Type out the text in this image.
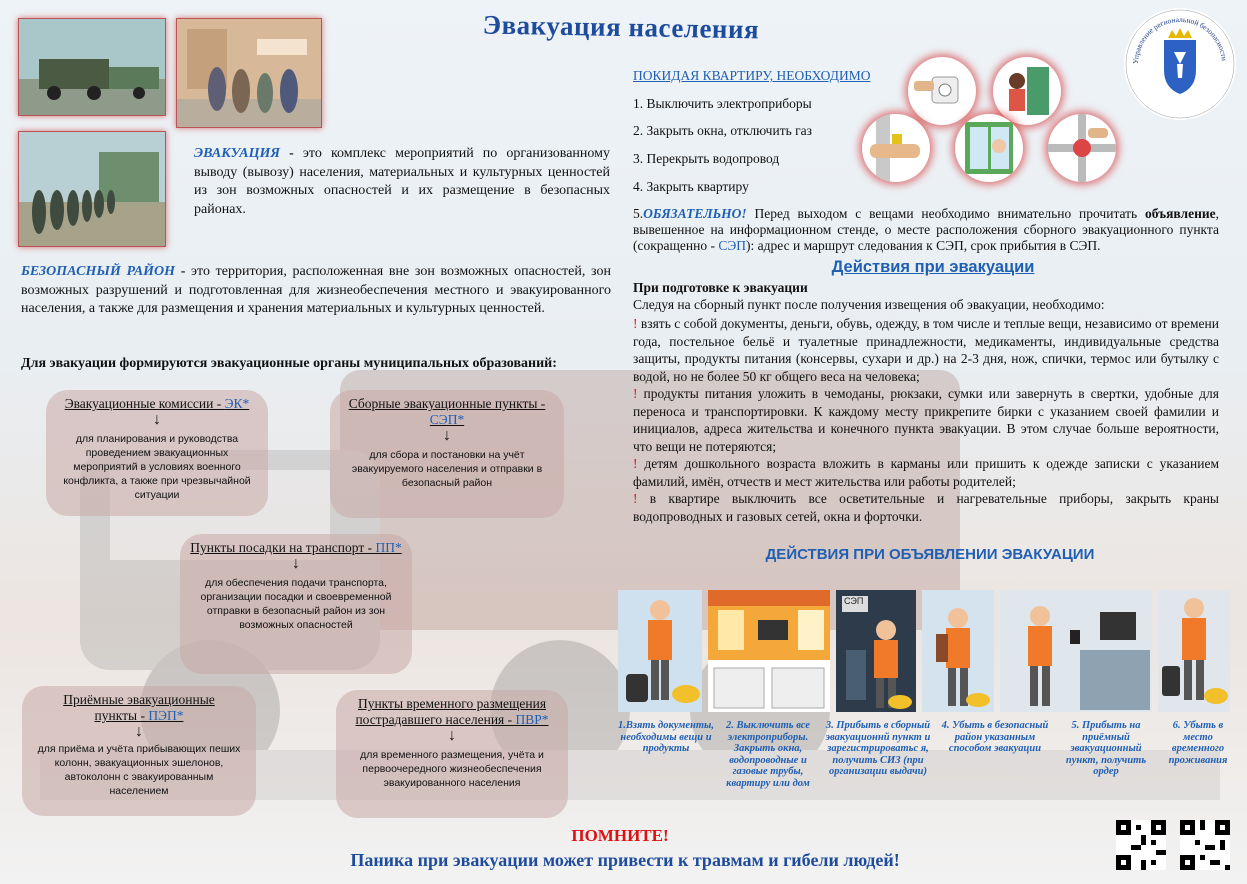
Эвакуация населения
Управление региональной безопасности
ЭВАКУАЦИЯ - это комплекс мероприятий по организованному выводу (вывозу) населения, материальных и культурных ценностей из зон возможных опасностей и их размещение в безопасных районах.
БЕЗОПАСНЫЙ РАЙОН - это территория, расположенная вне зон возможных опасностей, зон возможных разрушений и подготовленная для жизнеобеспечения местного и эвакуированного населения, а также для размещения и хранения материальных и культурных ценностей.
Для эвакуации формируются эвакуационные органы муниципальных образований:
Эвакуационные комиссии - ЭК*
↓
для планирования и руководства проведением эвакуационных мероприятий в условиях военного конфликта, а также при чрезвычайной ситуации
Сборные эвакуационные пункты - СЭП*
↓
для сбора и постановки на учёт эвакуируемого населения и отправки в безопасный район
Пункты посадки на транспорт - ПП*
↓
для обеспечения подачи транспорта, организации посадки и своевременной отправки в безопасный район из зон возможных опасностей
Приёмные эвакуационные пункты - ПЭП*
↓
для приёма и учёта прибывающих пеших колонн, эвакуационных эшелонов, автоколонн с эвакуированным населением
Пункты временного размещения пострадавшего населения - ПВР*
↓
для временного размещения, учёта и первоочередного жизнеобеспечения эвакуированного населения
ПОКИДАЯ КВАРТИРУ, НЕОБХОДИМО
1. Выключить электроприборы
2. Закрыть окна, отключить газ
3. Перекрыть водопровод
4. Закрыть квартиру
5.ОБЯЗАТЕЛЬНО! Перед выходом с вещами необходимо внимательно прочитать объявление, вывешенное на информационном стенде, о месте расположения сборного эвакуационного пункта (сокращенно - СЭП): адрес и маршрут следования к СЭП, срок прибытия в СЭП.
Действия при эвакуации
При подготовке к эвакуации
Следуя на сборный пункт после получения извещения об эвакуации, необходимо:
! взять с собой документы, деньги, обувь, одежду, в том числе и теплые вещи, независимо от времени года, постельное бельё и туалетные принадлежности, медикаменты, индивидуальные средства защиты, продукты питания (консервы, сухари и др.) на 2-3 дня, нож, спички, термос или бутылку с водой, но не более 50 кг общего веса на человека;
! продукты питания уложить в чемоданы, рюкзаки, сумки или завернуть в свертки, удобные для переноса и транспортировки. К каждому месту прикрепите бирки с указанием своей фамилии и инициалов, адреса жительства и конечного пункта эвакуации. В этом случае больше вероятности, что вещи не потеряются;
! детям дошкольного возраста вложить в карманы или пришить к одежде записки с указанием фамилий, имён, отчеств и мест жительства или работы родителей;
! в квартире выключить все осветительные и нагревательные приборы, закрыть краны водопроводных и газовых сетей, окна и форточки.
ДЕЙСТВИЯ ПРИ ОБЪЯВЛЕНИИ ЭВАКУАЦИИ
СЭП
1.Взять документы, необходимы вещи и продукты
2. Выключить все электроприборы. Закрыть окна, водопроводные и газовые трубы, квартиру или дом
3. Прибыть в сборный эвакуационнй пункт и зарегистрироватьс я, получить СИЗ (при организации выдачи)
4. Убыть в безопасный район указанным способом эвакуации
5. Прибыть на приёмный эвакуационный пункт, получить ордер
6. Убыть в место временного проживания
ПОМНИТЕ!
Паника при эвакуации может привести к травмам и гибели людей!
